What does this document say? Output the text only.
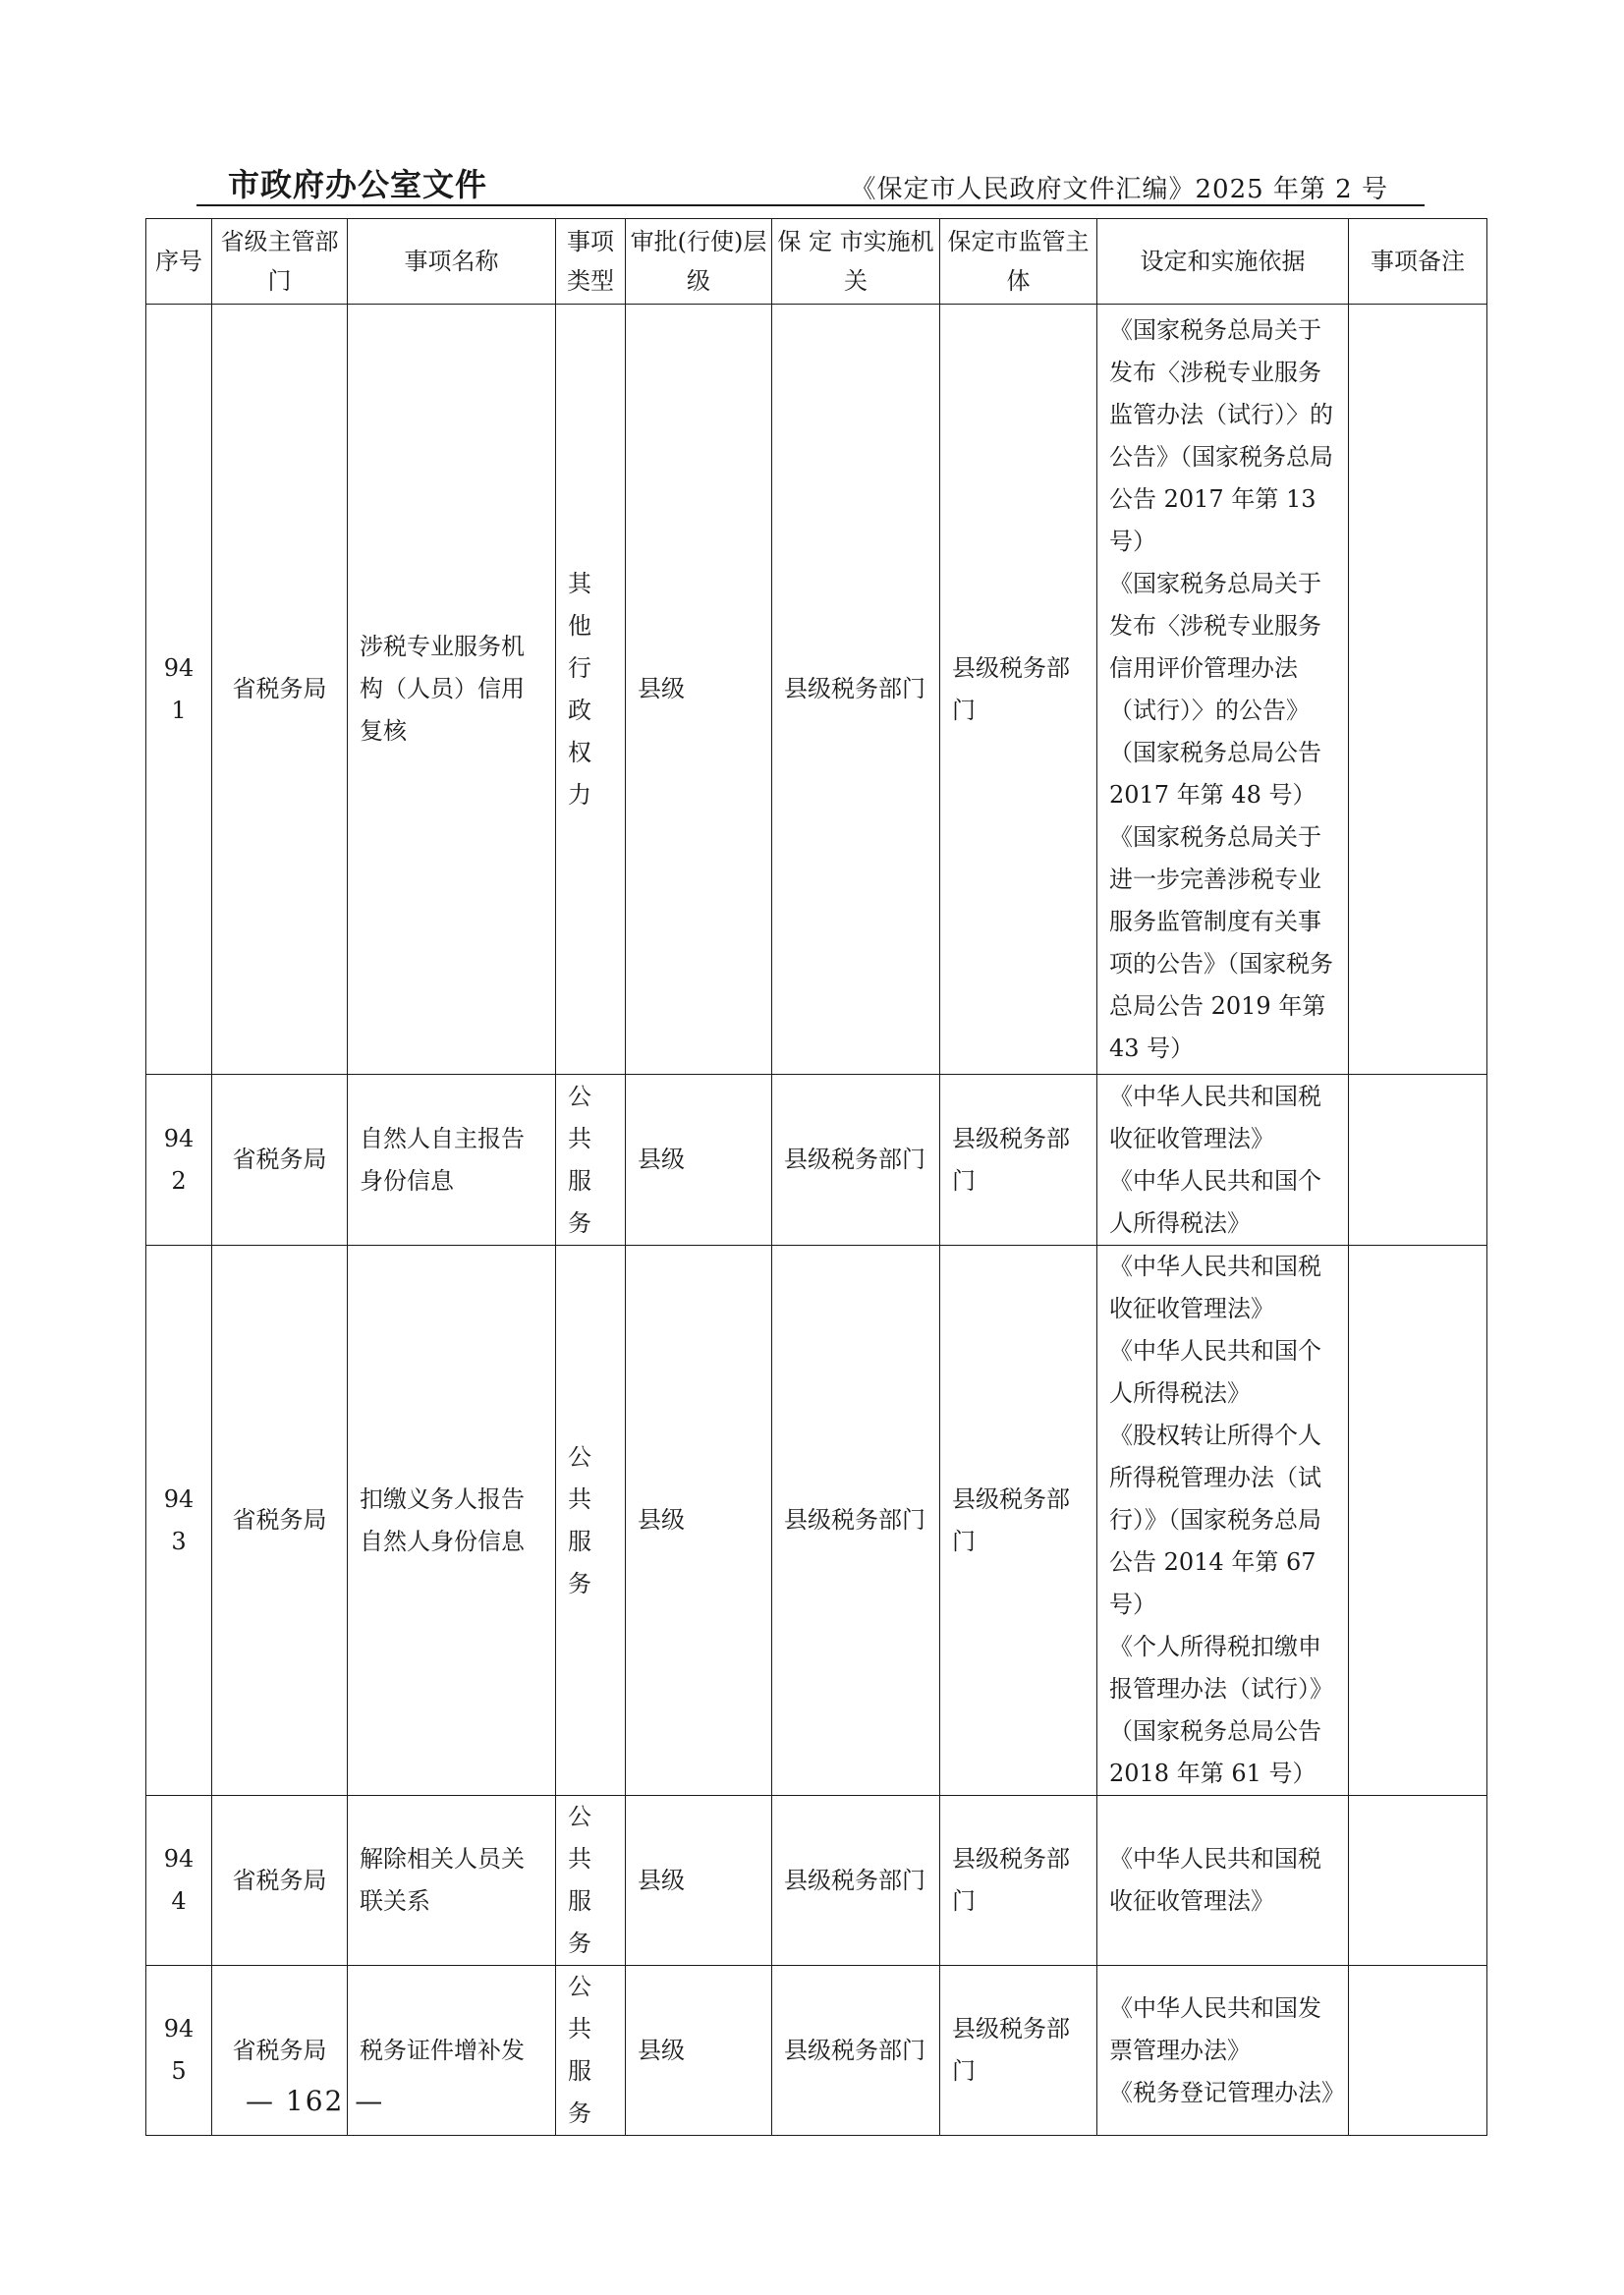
市政府办公室文件	《保定市人民政府文件汇编》2025 年第 2 号
序号	省级主管部 门	事项名称	事项类型	审批(行使)层 级	保 定 市实施机关	保定市监管主体	设定和实施依据	事项备注
941	省税务局	涉税专业服务机构（人员）信用复核	其他行政权力	县级	县级税务部门	县级税务部门	《国家税务总局关于发布〈涉税专业服务监管办法（试行）〉的公告》（国家税务总局公告 2017 年第 13 号）
《国家税务总局关于发布〈涉税专业服务信用评价管理办法（试行）〉的公告》（国家税务总局公告 2017 年第 48 号）
《国家税务总局关于进一步完善涉税专业服务监管制度有关事项的公告》（国家税务总局公告 2019 年第 43 号）	

942	省税务局	自然人自主报告身份信息	公共服务	县级	县级税务部门	县级税务部门	《中华人民共和国税收征收管理法》
《中华人民共和国个人所得税法》	

943	省税务局	扣缴义务人报告自然人身份信息	公共服务	县级	县级税务部门	县级税务部门	《中华人民共和国税收征收管理法》
《中华人民共和国个人所得税法》
《股权转让所得个人所得税管理办法（试行）》（国家税务总局公告 2014 年第 67 号）
《个人所得税扣缴申报管理办法（试行）》（国家税务总局公告 2018 年第 61 号）	

944	省税务局	解除相关人员关联关系	公共服务	县级	县级税务部门	县级税务部门	《中华人民共和国税收征收管理法》	

945	省税务局	税务证件增补发	公共服务	县级	县级税务部门	县级税务部门	《中华人民共和国发票管理办法》
《税务登记管理办法》	

— 162 —
